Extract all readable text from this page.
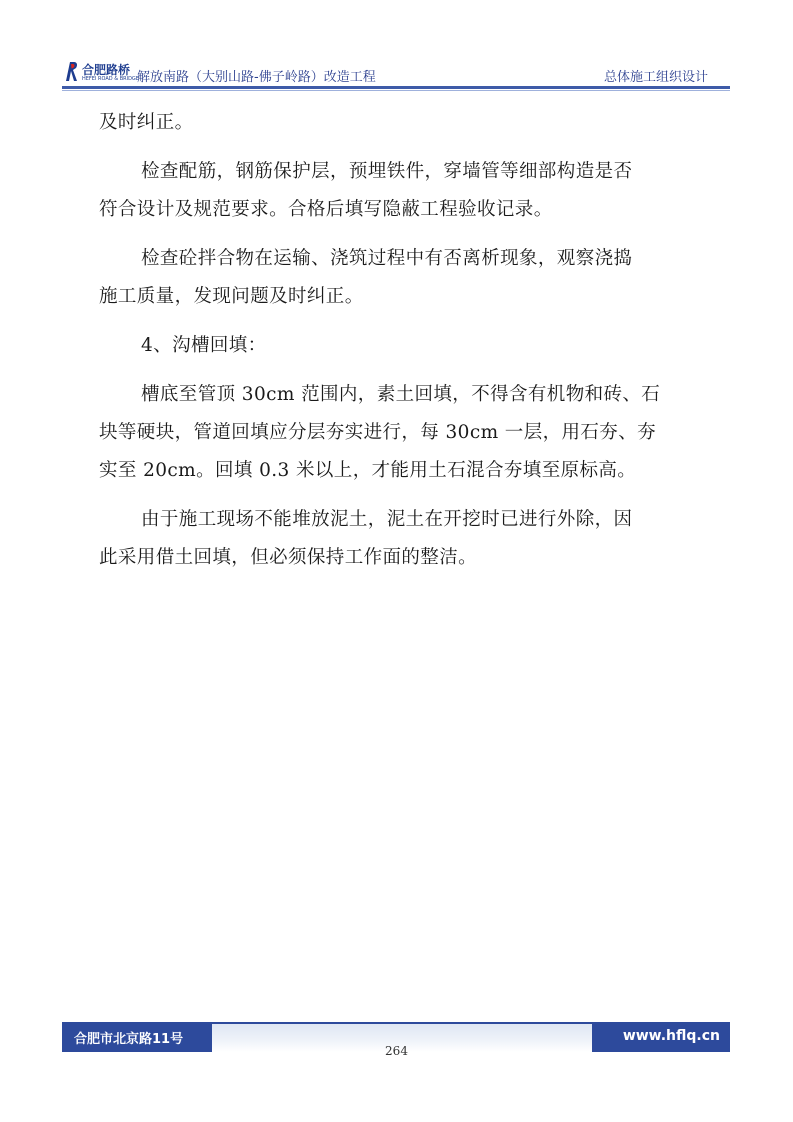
合肥路桥
HEFEI ROAD & BRIDGE
解放南路（大别山路-佛子岭路）改造工程	总体施工组织设计

及时纠正。

检查配筋，钢筋保护层，预埋铁件，穿墙管等细部构造是否
符合设计及规范要求。合格后填写隐蔽工程验收记录。

检查砼拌合物在运输、浇筑过程中有否离析现象，观察浇捣
施工质量，发现问题及时纠正。

4、沟槽回填：

槽底至管顶 30cm 范围内，素土回填，不得含有机物和砖、石
块等硬块，管道回填应分层夯实进行，每 30cm 一层，用石夯、夯
实至 20cm。回填 0.3 米以上，才能用土石混合夯填至原标高。

由于施工现场不能堆放泥土，泥土在开挖时已进行外除，因
此采用借土回填，但必须保持工作面的整洁。

合肥市北京路11号	www.hflq.cn
264
